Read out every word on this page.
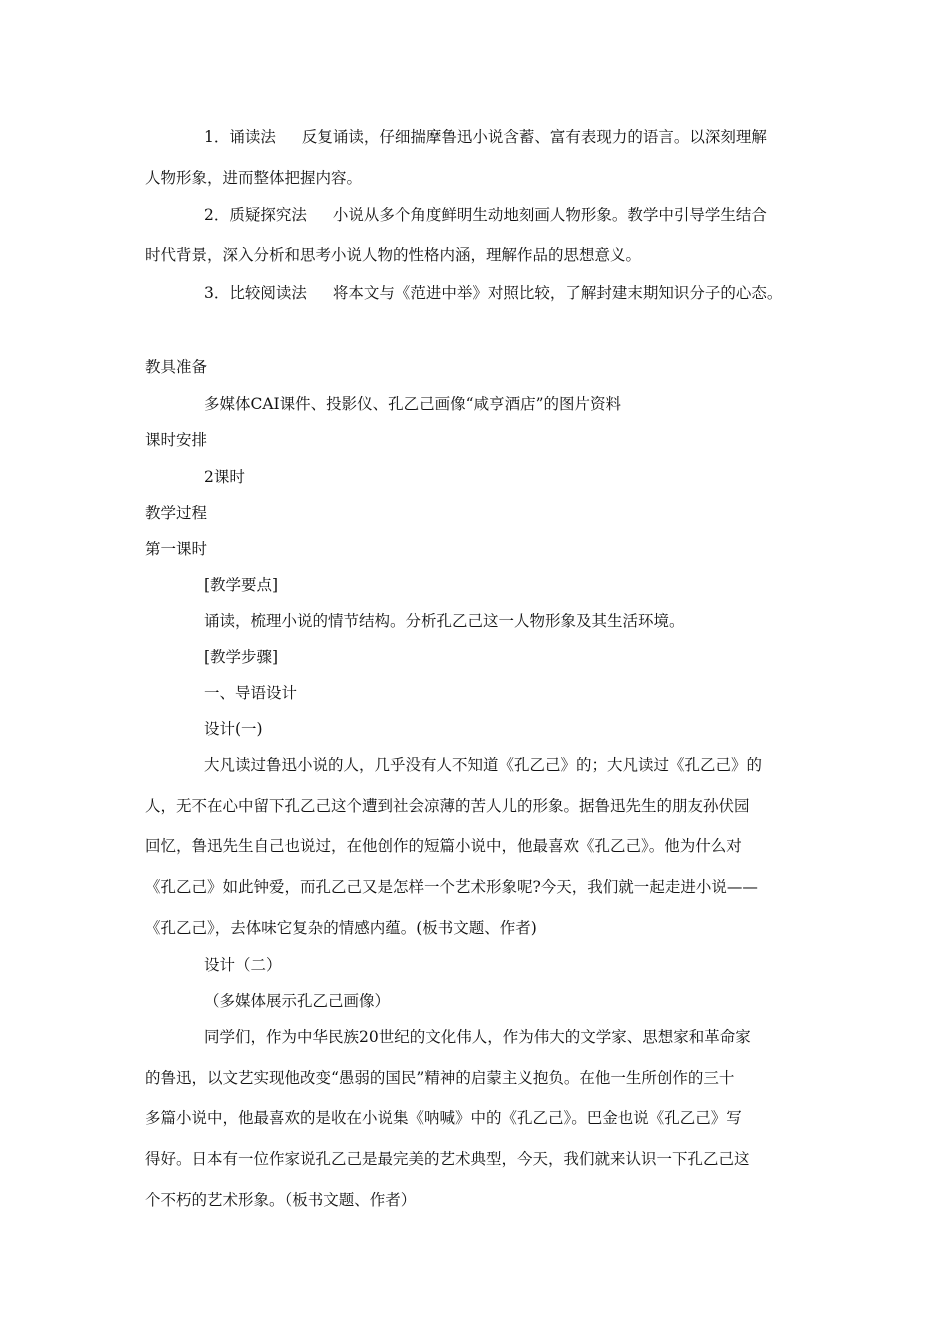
1．诵读法 反复诵读，仔细揣摩鲁迅小说含蓄、富有表现力的语言。以深刻理解
人物形象，进而整体把握内容。
2．质疑探究法 小说从多个角度鲜明生动地刻画人物形象。教学中引导学生结合
时代背景，深入分析和思考小说人物的性格内涵，理解作品的思想意义。
3．比较阅读法 将本文与《范进中举》对照比较，了解封建末期知识分子的心态。
教具准备
多媒体CAI课件、投影仪、孔乙己画像“咸亨酒店”的图片资料
课时安排
2课时
教学过程
第一课时
[教学要点]
诵读，梳理小说的情节结构。分析孔乙己这一人物形象及其生活环境。
[教学步骤]
一、导语设计
设计(一)
大凡读过鲁迅小说的人，几乎没有人不知道《孔乙己》的；大凡读过《孔乙己》的
人，无不在心中留下孔乙己这个遭到社会凉薄的苦人儿的形象。据鲁迅先生的朋友孙伏园
回忆，鲁迅先生自己也说过，在他创作的短篇小说中，他最喜欢《孔乙己》。他为什么对
《孔乙己》如此钟爱，而孔乙己又是怎样一个艺术形象呢?今天，我们就一起走进小说——
《孔乙己》，去体味它复杂的情感内蕴。(板书文题、作者)
设计（二）
（多媒体展示孔乙己画像）
同学们，作为中华民族20世纪的文化伟人，作为伟大的文学家、思想家和革命家
的鲁迅，以文艺实现他改变“愚弱的国民”精神的启蒙主义抱负。在他一生所创作的三十
多篇小说中，他最喜欢的是收在小说集《呐喊》中的《孔乙己》。巴金也说《孔乙己》写
得好。日本有一位作家说孔乙己是最完美的艺术典型，今天，我们就来认识一下孔乙己这
个不朽的艺术形象。（板书文题、作者）
